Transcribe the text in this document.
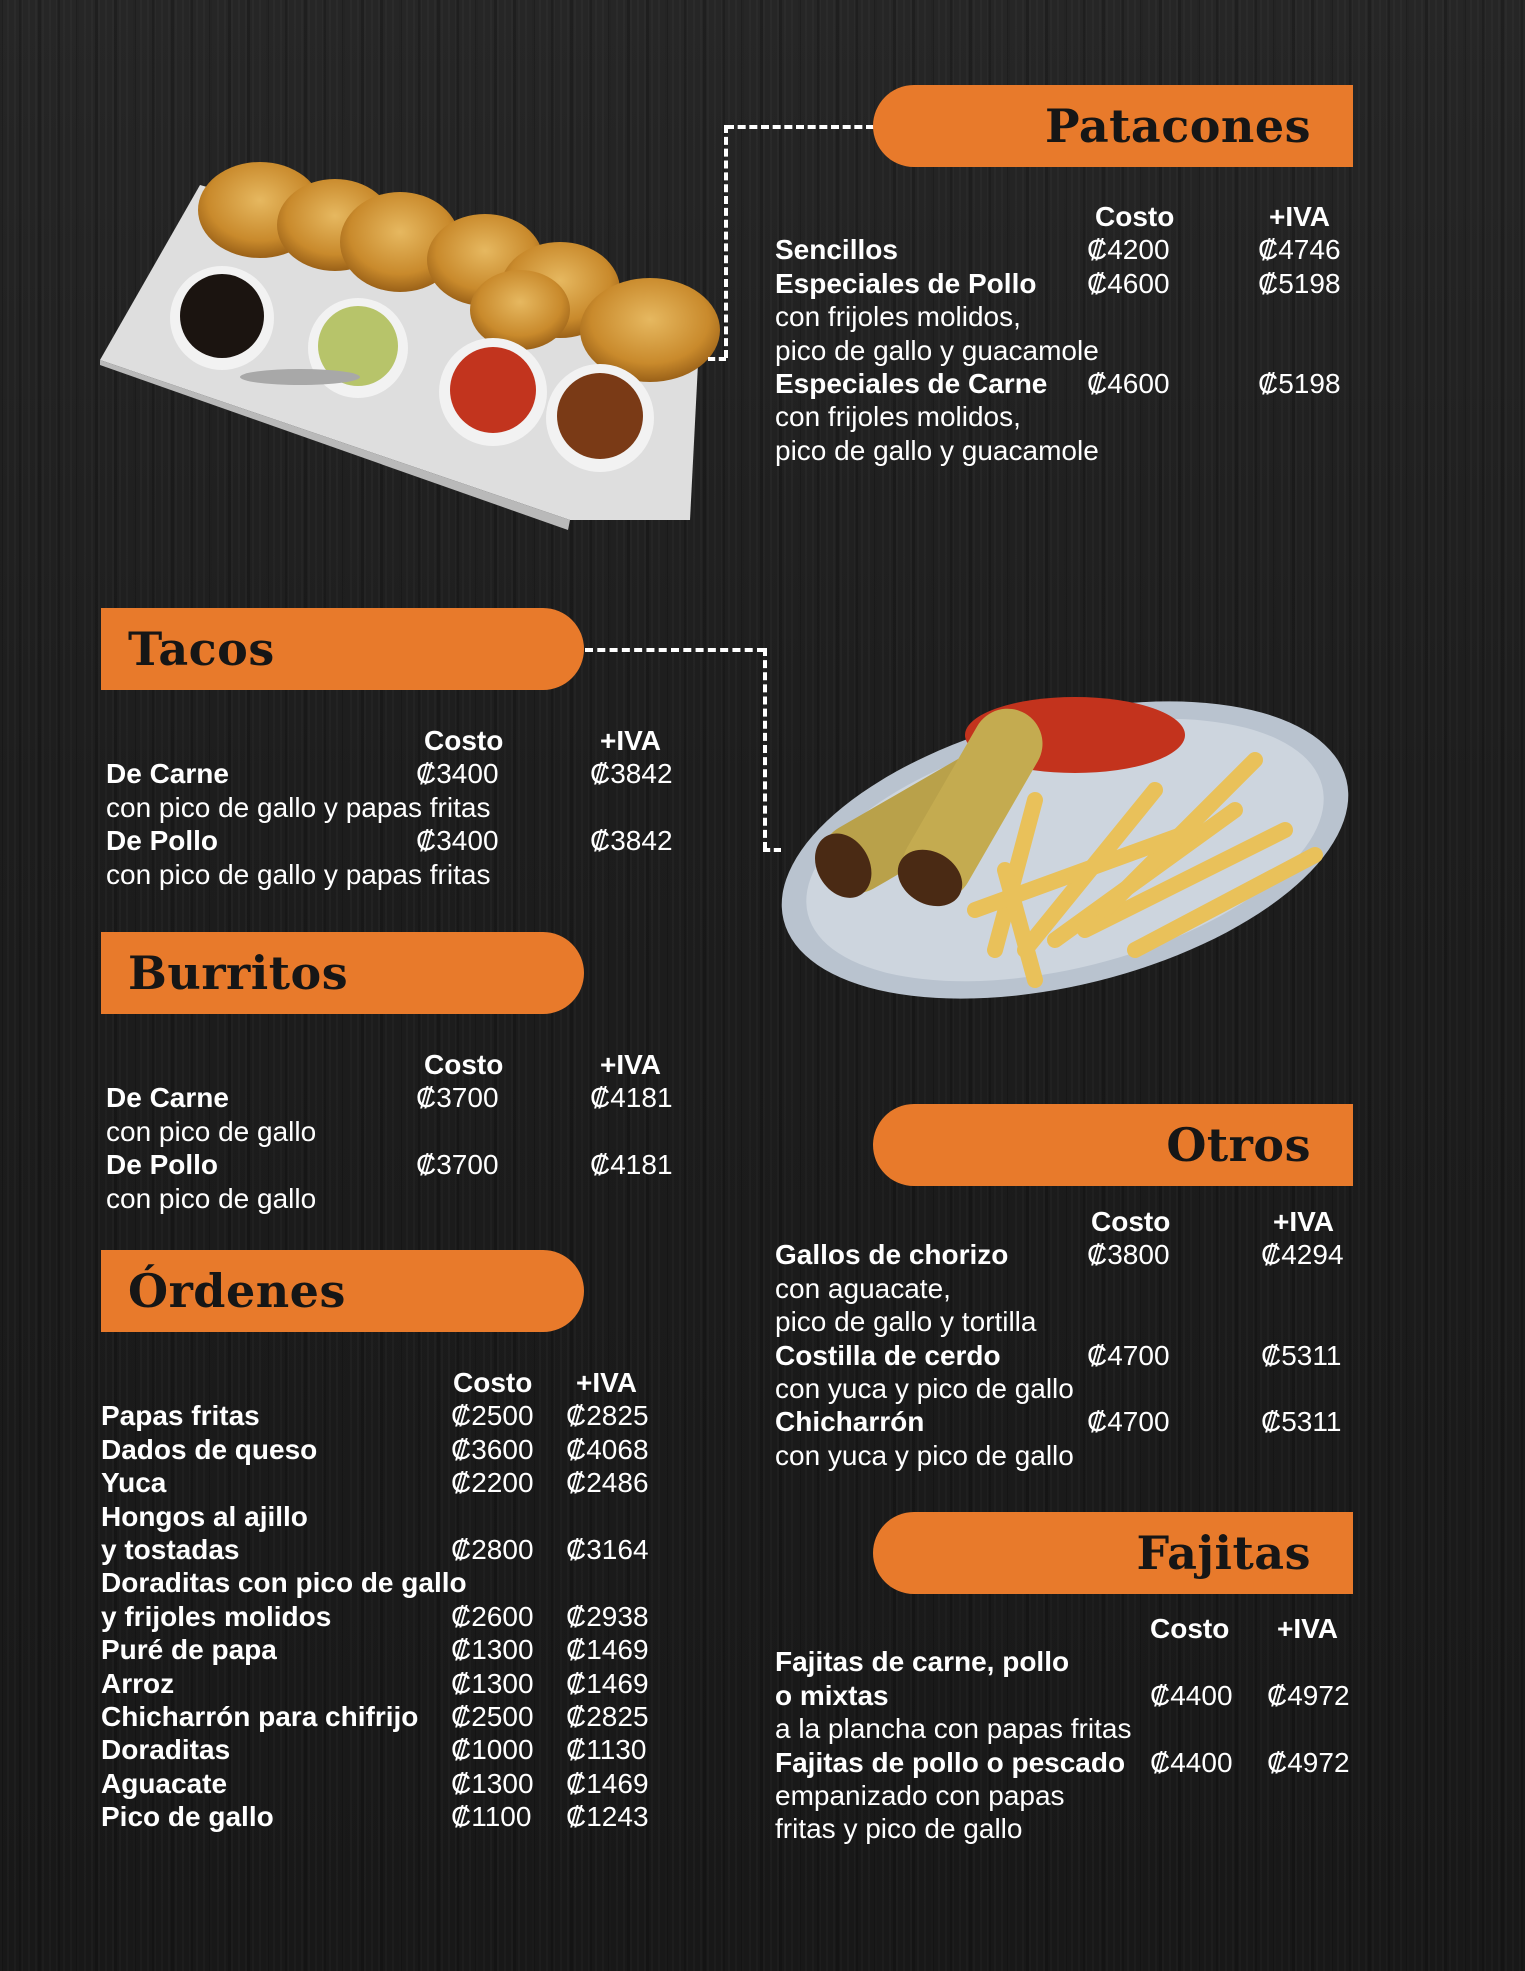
Patacones
Tacos
Burritos
Órdenes
Otros
Fajitas
Costo	+IVA
Sencillos	₡4200	₡4746
Especiales de Pollo ₡4600	₡5198
con frijoles molidos,
pico de gallo y guacamole
Especiales de Carne ₡4600	₡5198
con frijoles molidos,
pico de gallo y guacamole
Costo	+IVA
De Carne	₡3400	₡3842
con pico de gallo y papas fritas
De Pollo	₡3400	₡3842
con pico de gallo y papas fritas
Costo	+IVA
De Carne	₡3700	₡4181
con pico de gallo
De Pollo	₡3700	₡4181
con pico de gallo
Costo +IVA
Papas fritas	₡2500 ₡2825
Dados de queso	₡3600 ₡4068
Yuca	₡2200 ₡2486
Hongos al ajillo
y tostadas	₡2800 ₡3164
Doraditas con pico de gallo
y frijoles molidos	₡2600 ₡2938
Puré de papa	₡1300 ₡1469
Arroz	₡1300 ₡1469
Chicharrón para chifrijo ₡2500 ₡2825
Doraditas	₡1000 ₡1130
Aguacate	₡1300 ₡1469
Pico de gallo	₡1100 ₡1243
Costo	+IVA
Gallos de chorizo	₡3800	₡4294
con aguacate,
pico de gallo y tortilla
Costilla de cerdo	₡4700	₡5311
con yuca y pico de gallo
Chicharrón	₡4700	₡5311
con yuca y pico de gallo
Costo +IVA
Fajitas de carne, pollo
o mixtas	₡4400 ₡4972
a la plancha con papas fritas
Fajitas de pollo o pescado ₡4400 ₡4972
empanizado con papas
fritas y pico de gallo
